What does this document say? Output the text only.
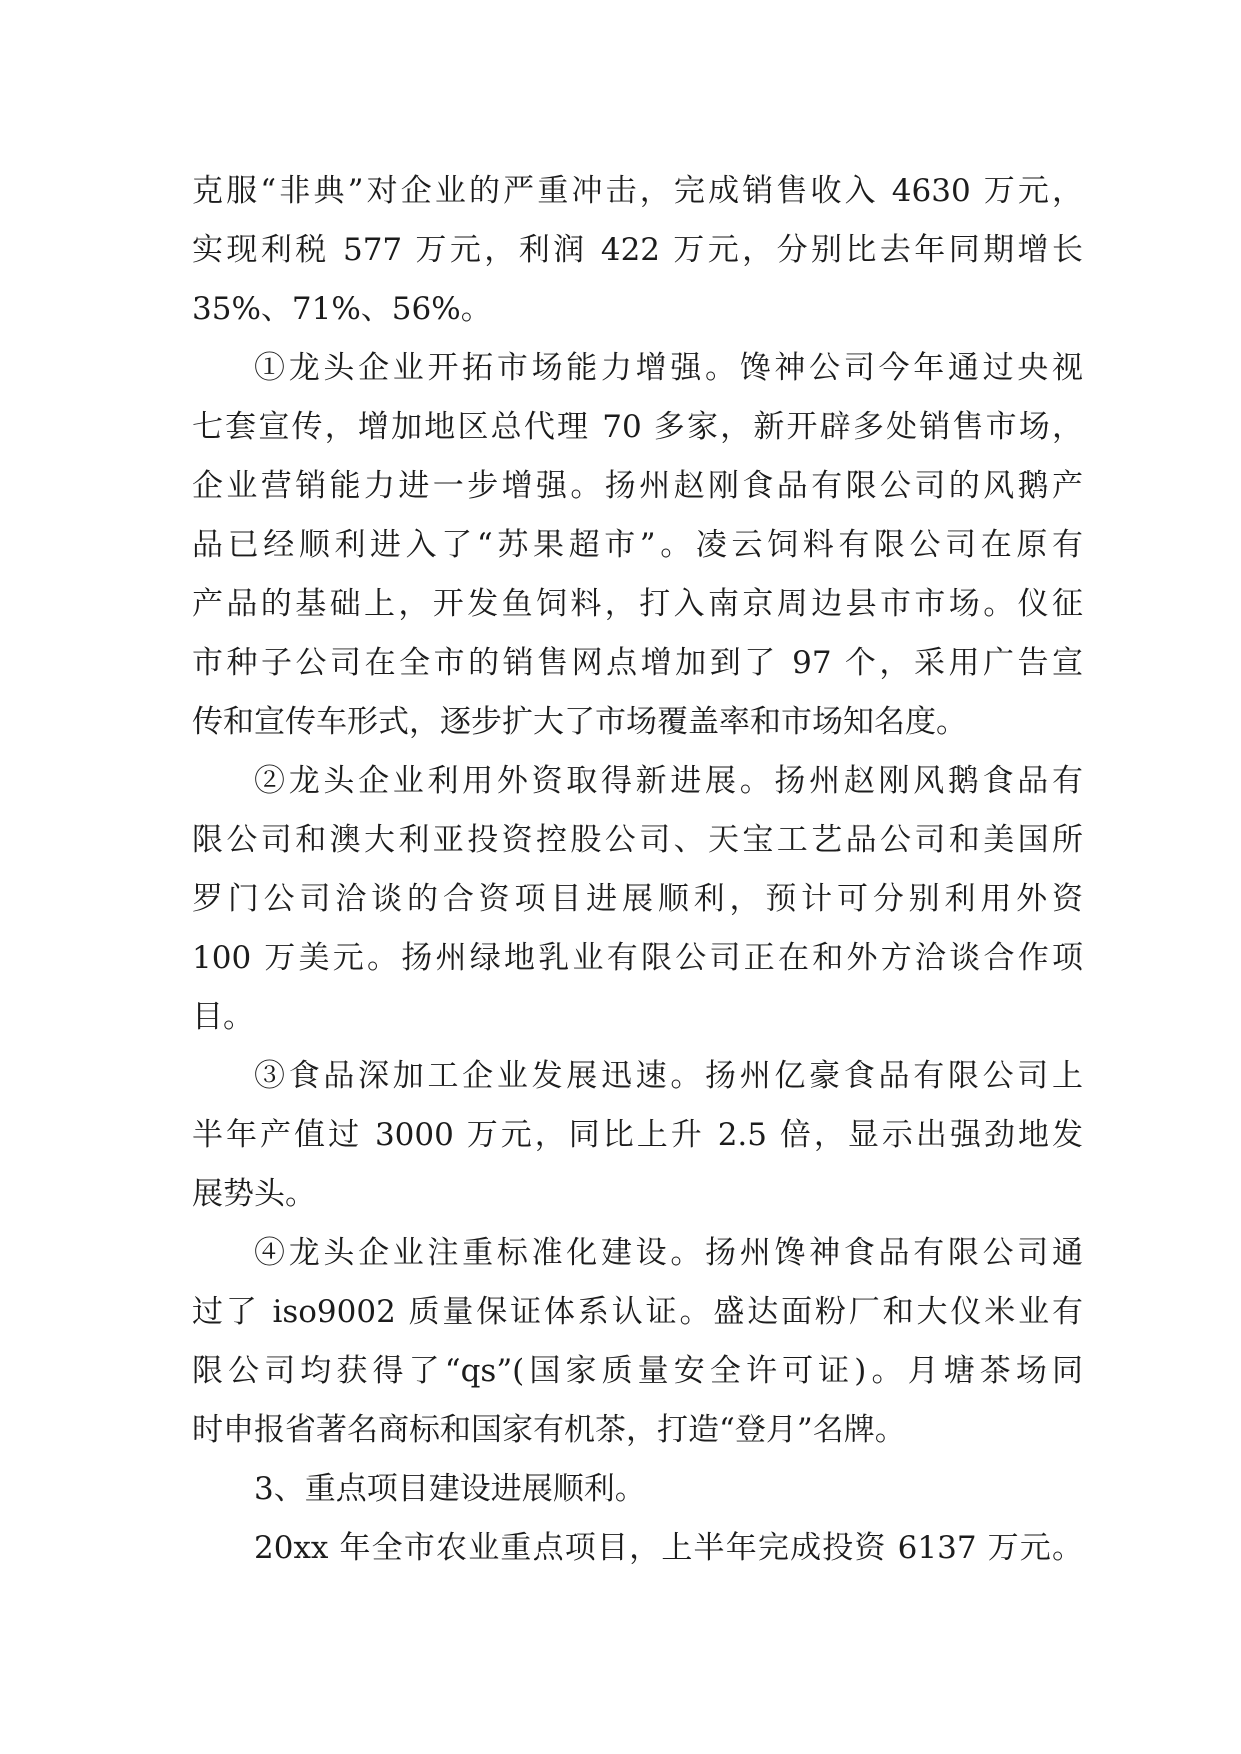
克服“非典”对企业的严重冲击，完成销售收入 4630 万元，
实现利税 577 万元，利润 422 万元，分别比去年同期增长
35%、71%、56%。
①龙头企业开拓市场能力增强。馋神公司今年通过央视
七套宣传，增加地区总代理 70 多家，新开辟多处销售市场，
企业营销能力进一步增强。扬州赵刚食品有限公司的风鹅产
品已经顺利进入了“苏果超市”。凌云饲料有限公司在原有
产品的基础上，开发鱼饲料，打入南京周边县市市场。仪征
市种子公司在全市的销售网点增加到了 97 个，采用广告宣
传和宣传车形式，逐步扩大了市场覆盖率和市场知名度。
②龙头企业利用外资取得新进展。扬州赵刚风鹅食品有
限公司和澳大利亚投资控股公司、天宝工艺品公司和美国所
罗门公司洽谈的合资项目进展顺利，预计可分别利用外资
100 万美元。扬州绿地乳业有限公司正在和外方洽谈合作项
目。
③食品深加工企业发展迅速。扬州亿豪食品有限公司上
半年产值过 3000 万元，同比上升 2.5 倍，显示出强劲地发
展势头。
④龙头企业注重标准化建设。扬州馋神食品有限公司通
过了 iso9002 质量保证体系认证。盛达面粉厂和大仪米业有
限公司均获得了“qs”(国家质量安全许可证)。月塘茶场同
时申报省著名商标和国家有机茶，打造“登月”名牌。
3、重点项目建设进展顺利。
20xx 年全市农业重点项目，上半年完成投资 6137 万元。
